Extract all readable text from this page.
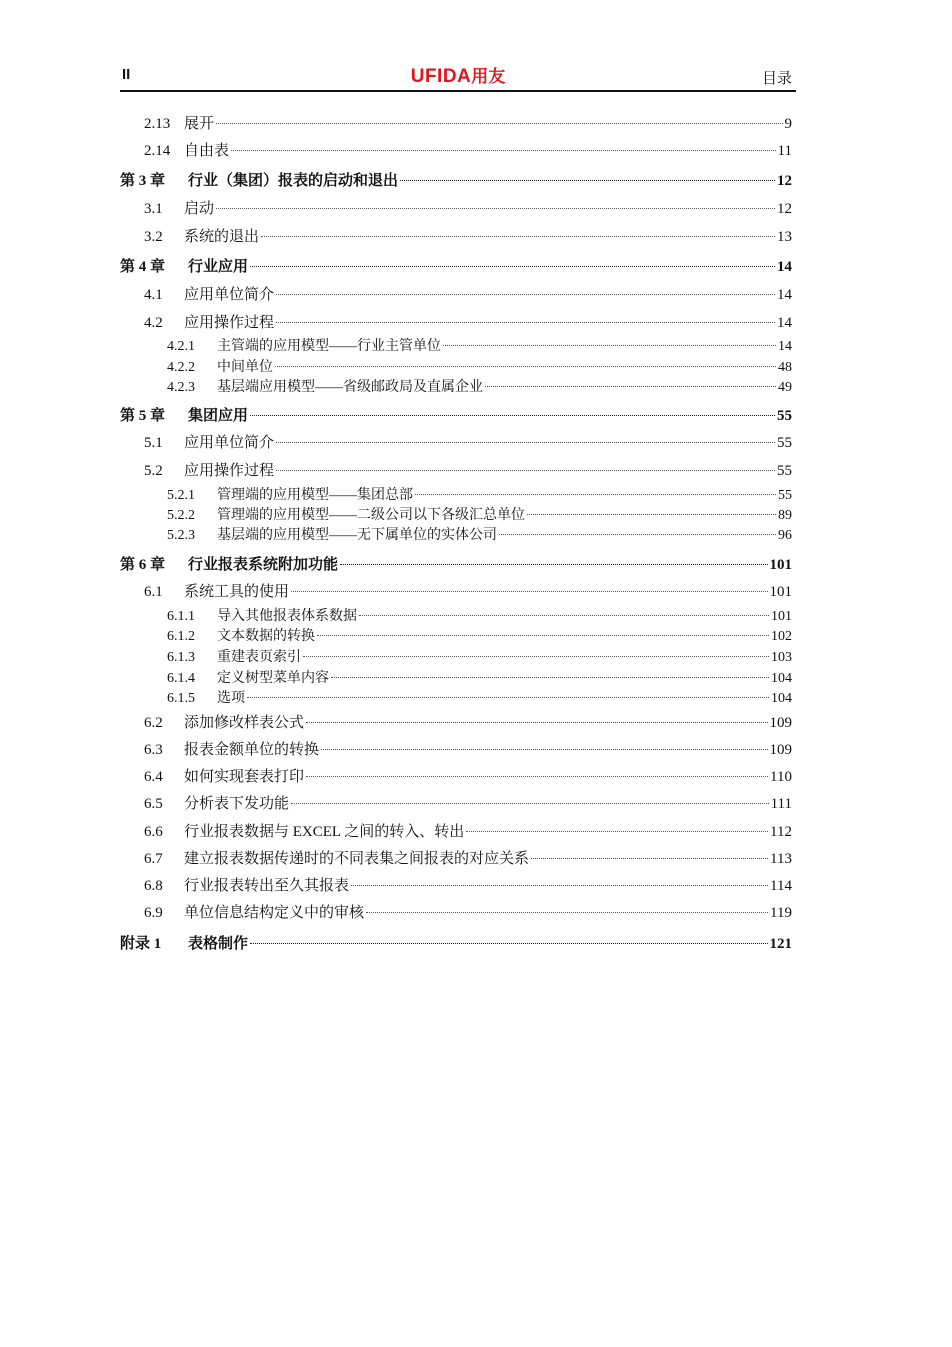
II	UFIDA用友	目录
2.13 展开	9
2.14 自由表	11
第 3 章	行业（集团）报表的启动和退出	12
3.1	启动	12
3.2	系统的退出	13
第 4 章	行业应用	14
4.1	应用单位简介	14
4.2	应用操作过程	14
4.2.1	主管端的应用模型——行业主管单位	14
4.2.2	中间单位	48
4.2.3	基层端应用模型——省级邮政局及直属企业	49
第 5 章	集团应用	55
5.1	应用单位简介	55
5.2	应用操作过程	55
5.2.1	管理端的应用模型——集团总部	55
5.2.2	管理端的应用模型——二级公司以下各级汇总单位	89
5.2.3	基层端的应用模型——无下属单位的实体公司	96
第 6 章	行业报表系统附加功能	101
6.1	系统工具的使用	101
6.1.1	导入其他报表体系数据	101
6.1.2	文本数据的转换	102
6.1.3	重建表页索引	103
6.1.4	定义树型菜单内容	104
6.1.5	选项	104
6.2	添加修改样表公式	109
6.3	报表金额单位的转换	109
6.4	如何实现套表打印	110
6.5	分析表下发功能	111
6.6	行业报表数据与 EXCEL 之间的转入、转出	112
6.7	建立报表数据传递时的不同表集之间报表的对应关系	113
6.8	行业报表转出至久其报表	114
6.9	单位信息结构定义中的审核	119
附录 1	表格制作	121
